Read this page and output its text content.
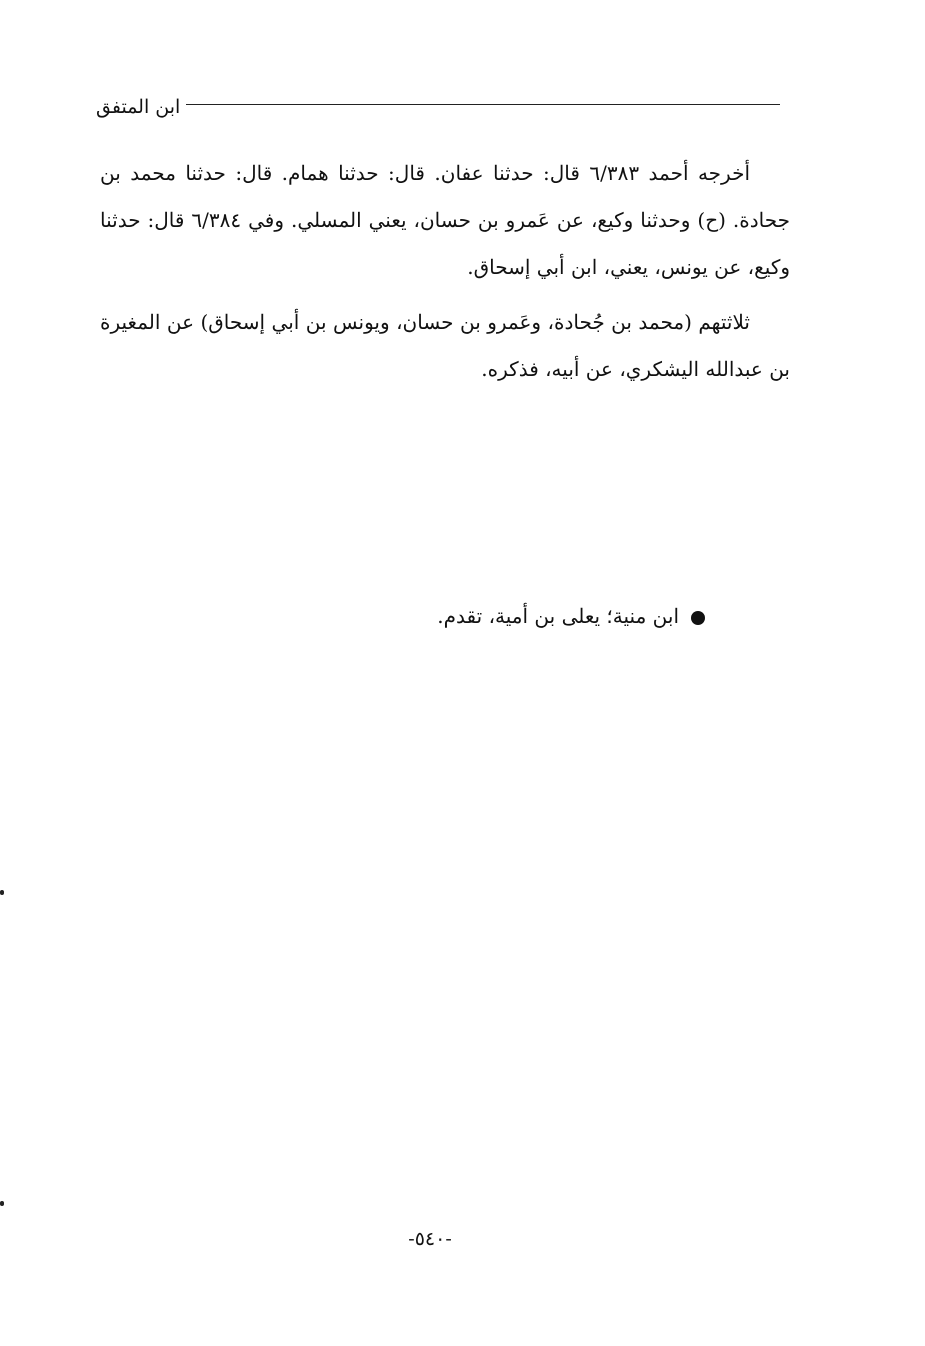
ابن المتفق

أخرجه أحمد ٦/٣٨٣ قال: حدثنا عفان. قال: حدثنا همام. قال: حدثنا محمد بن جحادة. (ح) وحدثنا وكيع، عن عَمرو بن حسان، يعني المسلي. وفي ٦/٣٨٤ قال: حدثنا وكيع، عن يونس، يعني، ابن أبي إسحاق.

ثلاثتهم (محمد بن جُحادة، وعَمرو بن حسان، ويونس بن أبي إسحاق) عن المغيرة بن عبدالله اليشكري، عن أبيه، فذكره.

ابن منية؛ يعلى بن أمية، تقدم.
-٥٤٠-
